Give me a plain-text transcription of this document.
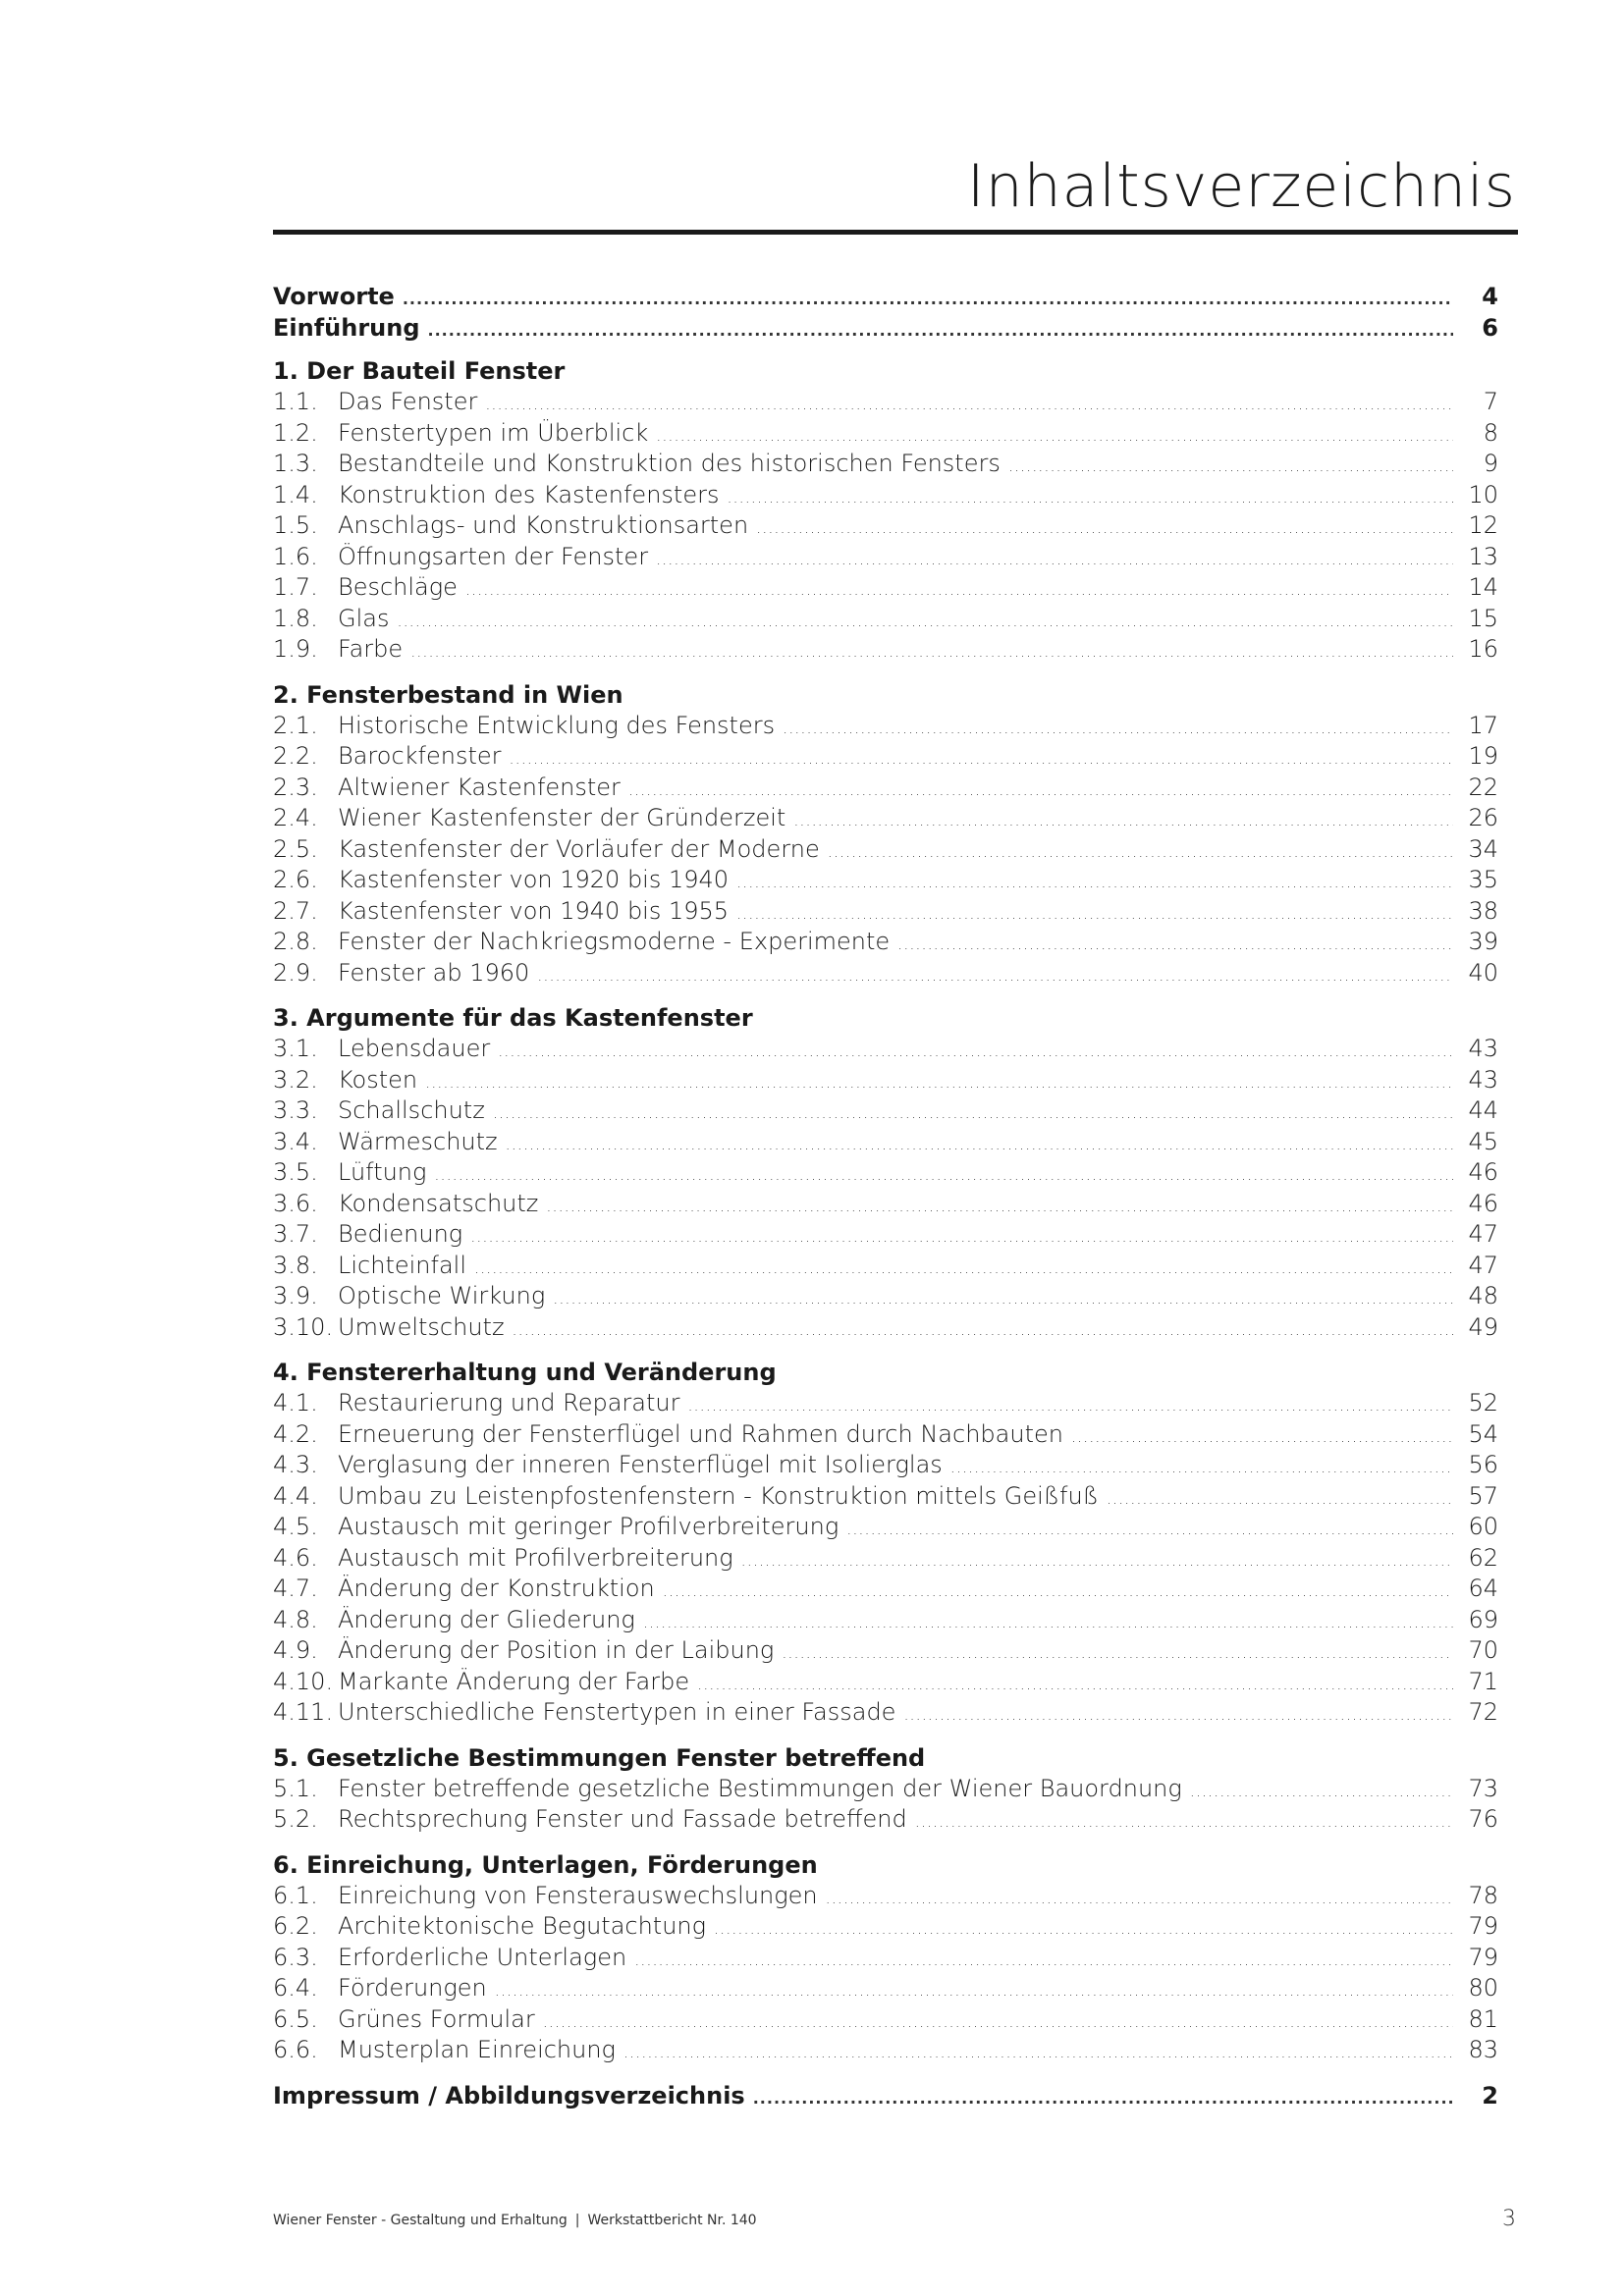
Inhaltsverzeichnis
Vorworte .....	4
Einführung .....	6
1. Der Bauteil Fenster
1.1. Das Fenster .....	7
1.2. Fenstertypen im Überblick .....	8
1.3. Bestandteile und Konstruktion des historischen Fensters .....	9
1.4. Konstruktion des Kastenfensters .....	10
1.5. Anschlags- und Konstruktionsarten .....	12
1.6. Öffnungsarten der Fenster .....	13
1.7. Beschläge .....	14
1.8. Glas .....	15
1.9. Farbe .....	16
2. Fensterbestand in Wien
2.1. Historische Entwicklung des Fensters .....	17
2.2. Barockfenster .....	19
2.3. Altwiener Kastenfenster .....	22
2.4. Wiener Kastenfenster der Gründerzeit .....	26
2.5. Kastenfenster der Vorläufer der Moderne .....	34
2.6. Kastenfenster von 1920 bis 1940 .....	35
2.7. Kastenfenster von 1940 bis 1955 .....	38
2.8. Fenster der Nachkriegsmoderne - Experimente .....	39
2.9. Fenster ab 1960 .....	40
3. Argumente für das Kastenfenster
3.1. Lebensdauer .....	43
3.2. Kosten .....	43
3.3. Schallschutz .....	44
3.4. Wärmeschutz .....	45
3.5. Lüftung .....	46
3.6. Kondensatschutz .....	46
3.7. Bedienung .....	47
3.8. Lichteinfall .....	47
3.9. Optische Wirkung .....	48
3.10. Umweltschutz .....	49
4. Fenstererhaltung und Veränderung
4.1. Restaurierung und Reparatur .....	52
4.2. Erneuerung der Fensterflügel und Rahmen durch Nachbauten .....	54
4.3. Verglasung der inneren Fensterflügel mit Isolierglas .....	56
4.4. Umbau zu Leistenpfostenfenstern - Konstruktion mittels Geißfuß .....	57
4.5. Austausch mit geringer Profilverbreiterung .....	60
4.6. Austausch mit Profilverbreiterung .....	62
4.7. Änderung der Konstruktion .....	64
4.8. Änderung der Gliederung .....	69
4.9. Änderung der Position in der Laibung .....	70
4.10. Markante Änderung der Farbe .....	71
4.11. Unterschiedliche Fenstertypen in einer Fassade .....	72
5. Gesetzliche Bestimmungen Fenster betreffend
5.1. Fenster betreffende gesetzliche Bestimmungen der Wiener Bauordnung .....	73
5.2. Rechtsprechung Fenster und Fassade betreffend .....	76
6. Einreichung, Unterlagen, Förderungen
6.1. Einreichung von Fensterauswechslungen .....	78
6.2. Architektonische Begutachtung .....	79
6.3. Erforderliche Unterlagen .....	79
6.4. Förderungen .....	80
6.5. Grünes Formular .....	81
6.6. Musterplan Einreichung .....	83
Impressum / Abbildungsverzeichnis .....	2
Wiener Fenster - Gestaltung und Erhaltung | Werkstattbericht Nr. 140	3
